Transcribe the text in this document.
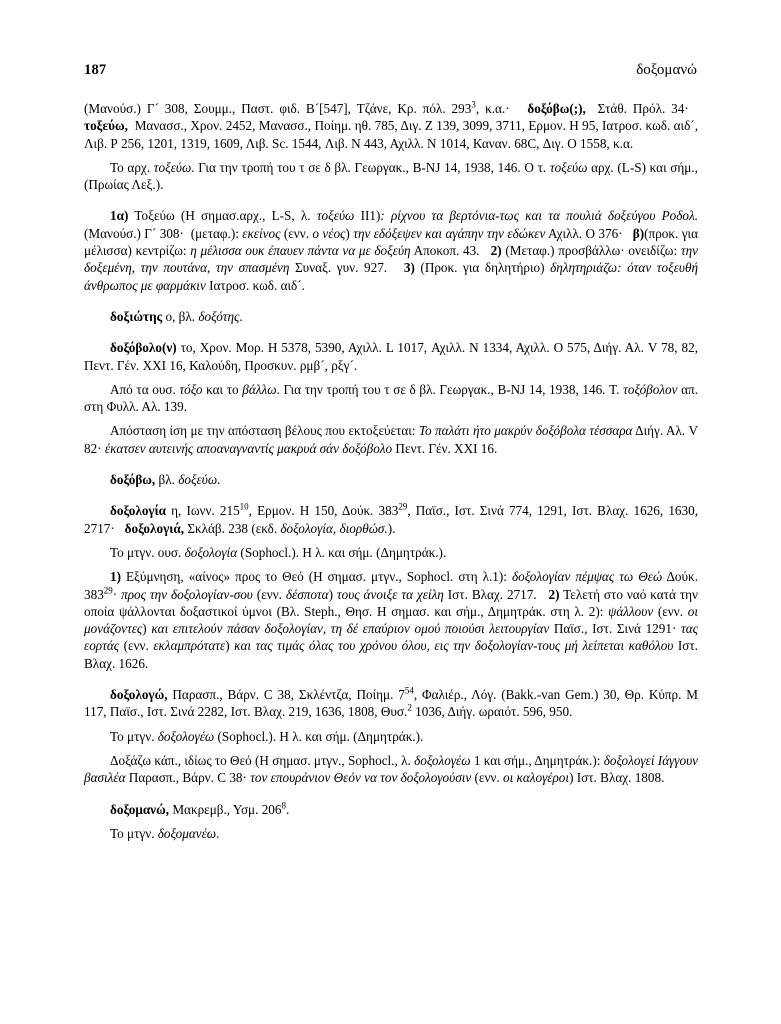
187	δοξομανώ

(Μανούσ.) Γ´ 308, Σουμμ., Παστ. φιδ. Β´[547], Τζάνε, Κρ. πόλ. $293^3$, κ.α.·   δοξόβω(;),  Στάθ. Πρόλ. 34·   τοξεύω,  Μανασσ., Χρον. 2452, Μανασσ., Ποίημ. ηθ. 785, Διγ. Ζ 139, 3099, 3711, Ερμον. Η 95, Ιατροσ. κωδ. αιδ´, Λιβ. Ρ 256, 1201, 1319, 1609, Λιβ. Sc. 1544, Λιβ. Ν 443, Αχιλλ. Ν 1014, Καναν. 68C, Διγ. Ο 1558, κ.α.

Το αρχ. τοξεύω. Για την τροπή του τ σε δ βλ. Γεωργακ., B-NJ 14, 1938, 146. Ο τ. τοξεύω αρχ. (L-S) και σήμ., (Πρωίας Λεξ.).

1α) Τοξεύω (Η σημασ.αρχ., L-S, λ. τοξεύω II1): ρίχνου τα βερτόνια-τως και τα πουλιά δοξεύγου Ροδολ. (Μανούσ.) Γ´ 308·  (μεταφ.): εκείνος (ενν. ο νέος) την εδόξεψεν και αγάπην την εδώκεν Αχιλλ. Ο 376·   β)(προκ. για μέλισσα) κεντρίζω: η μέλισσα ουκ έπαυεν πάντα να με δοξεύη Αποκοπ. 43.   2) (Μεταφ.) προσβάλλω· ονειδίζω: την δοξεμένη, την πουτάνα, την σπασμένη Συναξ. γυν. 927.   3) (Προκ. για δηλητήριο) δηλητηριάζω: όταν τοξευθή άνθρωπος με φαρμάκιν Ιατροσ. κωδ. αιδ´.

δοξιώτης ο, βλ. δοξότης.

δοξόβολο(ν) το, Χρον. Μορ. Η 5378, 5390, Αχιλλ. L 1017, Αχιλλ. Ν 1334, Αχιλλ. Ο 575, Διήγ. Αλ. V 78, 82, Πεντ. Γέν. XXI 16, Καλούδη, Προσκυν. ρμβ´, ρξγ´.

Από τα ουσ. τόξο και το βάλλω. Για την τροπή του τ σε δ βλ. Γεωργακ., B-NJ 14, 1938, 146. Τ. τοξόβολον απ. στη Φυλλ. Αλ. 139.

Απόσταση ίση με την απόσταση βέλους που εκτοξεύεται: Το παλάτι ήτο μακρύν δοξόβολα τέσσαρα Διήγ. Αλ. V 82· έκατσεν αυτεινής αποαναγναντίς μακρυά σάν δοξόβολο Πεντ. Γέν. XXI 16.

δοξόβω, βλ. δοξεύω.

δοξολογία η, Ιωνν. $215^{10}$, Ερμον. Η 150, Δούκ. $383^{29}$, Παϊσ., Ιστ. Σινά 774, 1291, Ιστ. Βλαχ. 1626, 1630, 2717·   δοξολογιά, Σκλάβ. 238 (εκδ. δοξολογία, διορθώσ.).

Το μτγν. ουσ. δοξολογία (Sophocl.). Η λ. και σήμ. (Δημητράκ.).

1) Εξύμνηση, «αίνος» προς το Θεό (Η σημασ. μτγν., Sophocl. στη λ.1): δοξολογίαν πέμψας τω Θεώ Δούκ. $383^{29}\cdot \pi\rho o\varsigma$ την δοξολογίαν-σου (ενν. δέσποτα) τους άνοιξε τα χείλη Ιστ. Βλαχ. 2717.   2) Τελετή στο ναό κατά την οποία ψάλλονται δοξαστικοί ύμνοι (Βλ. Steph., Θησ. Η σημασ. και σήμ., Δημητράκ. στη λ. 2): ψάλλουν (ενν. οι μονάζοντες) και επιτελούν πάσαν δοξολογίαν, τη δέ επαύριον ομού ποιούσι λειτουργίαν Παϊσ., Ιστ. Σινά 1291· τας εορτάς (ενν. εκλαμπρότατε) και τας τιμάς όλας του χρόνου όλου, εις την δοξολογίαν-τους μή λείπεται καθόλου Ιστ. Βλαχ. 1626.

δοξολογώ, Παρασπ., Βάρν. C 38, Σκλέντζα, Ποίημ. $7^{54}$, Φαλιέρ., Λόγ. (Bakk.-van Gem.) 30, Θρ. Κύπρ. Μ 117, Παϊσ., Ιστ. Σινά 2282, Ιστ. Βλαχ. 219, 1636, 1808, Θυσ.$^2$ 1036, Διήγ. ωραιότ. 596, 950.

Το μτγν. δοξολογέω (Sophocl.). Η λ. και σήμ. (Δημητράκ.).

Δοξάζω κάπ., ιδίως το Θεό (Η σημασ. μτγν., Sophocl., λ. δοξολογέω 1 και σήμ., Δημητράκ.): δοξολογεί Ιάγγουν βασιλέα Παρασπ., Βάρν. C 38· τον επουράνιον Θεόν να τον δοξολογούσιν (ενν. οι καλογέροι) Ιστ. Βλαχ. 1808.

δοξομανώ, Μακρεμβ., Υσμ. $206^8$.

Το μτγν. δοξομανέω.
